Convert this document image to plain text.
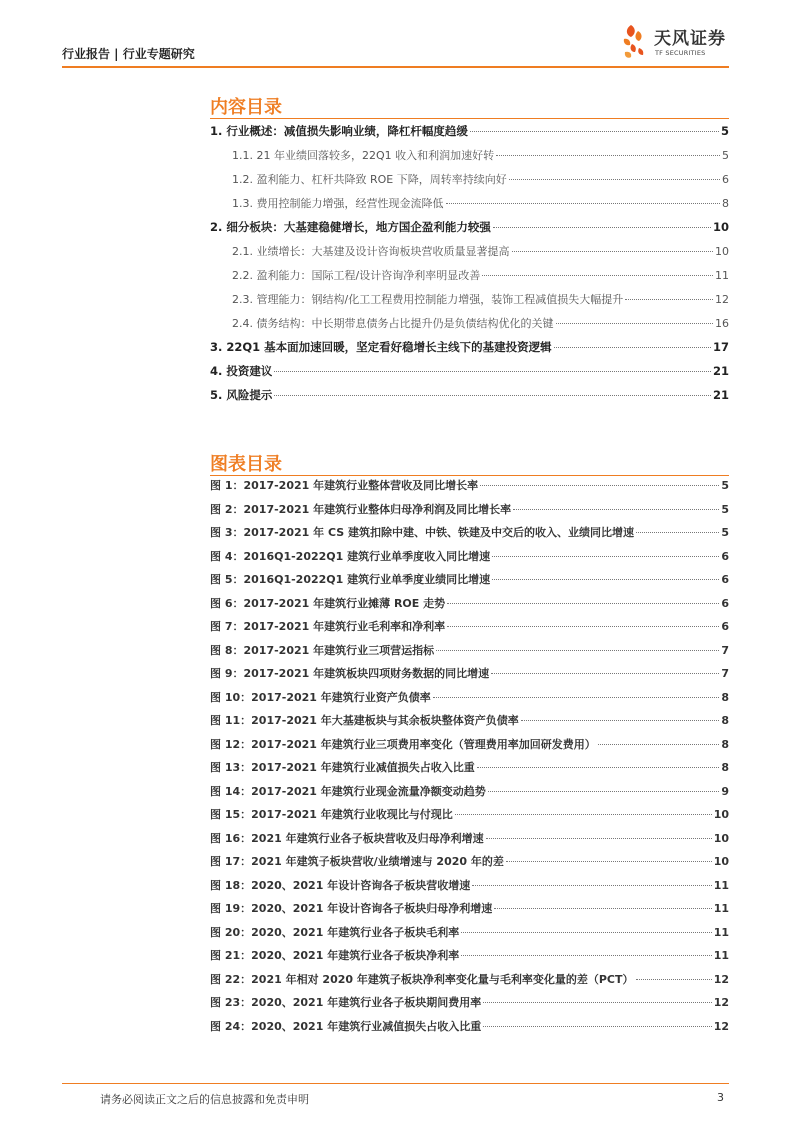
行业报告 | 行业专题研究
天风证券
TF SECURITIES
内容目录
1. 行业概述：减值损失影响业绩，降杠杆幅度趋缓	5
1.1. 21 年业绩回落较多，22Q1 收入和利润加速好转	5
1.2. 盈利能力、杠杆共降致 ROE 下降，周转率持续向好	6
1.3. 费用控制能力增强，经营性现金流降低	8
2. 细分板块：大基建稳健增长，地方国企盈利能力较强	10
2.1. 业绩增长：大基建及设计咨询板块营收质量显著提高	10
2.2. 盈利能力：国际工程/设计咨询净利率明显改善	11
2.3. 管理能力：钢结构/化工工程费用控制能力增强，装饰工程减值损失大幅提升	12
2.4. 债务结构：中长期带息债务占比提升仍是负债结构优化的关键	16
3. 22Q1 基本面加速回暖，坚定看好稳增长主线下的基建投资逻辑	17
4. 投资建议	21
5. 风险提示	21
图表目录
图 1：2017-2021 年建筑行业整体营收及同比增长率	5
图 2：2017-2021 年建筑行业整体归母净利润及同比增长率	5
图 3：2017-2021 年 CS 建筑扣除中建、中铁、铁建及中交后的收入、业绩同比增速	5
图 4：2016Q1-2022Q1 建筑行业单季度收入同比增速	6
图 5：2016Q1-2022Q1 建筑行业单季度业绩同比增速	6
图 6：2017-2021 年建筑行业摊薄 ROE 走势	6
图 7：2017-2021 年建筑行业毛利率和净利率	6
图 8：2017-2021 年建筑行业三项营运指标	7
图 9：2017-2021 年建筑板块四项财务数据的同比增速	7
图 10：2017-2021 年建筑行业资产负债率	8
图 11：2017-2021 年大基建板块与其余板块整体资产负债率	8
图 12：2017-2021 年建筑行业三项费用率变化（管理费用率加回研发费用）	8
图 13：2017-2021 年建筑行业减值损失占收入比重	8
图 14：2017-2021 年建筑行业现金流量净额变动趋势	9
图 15：2017-2021 年建筑行业收现比与付现比	10
图 16：2021 年建筑行业各子板块营收及归母净利增速	10
图 17：2021 年建筑子板块营收/业绩增速与 2020 年的差	10
图 18：2020、2021 年设计咨询各子板块营收增速	11
图 19：2020、2021 年设计咨询各子板块归母净利增速	11
图 20：2020、2021 年建筑行业各子板块毛利率	11
图 21：2020、2021 年建筑行业各子板块净利率	11
图 22：2021 年相对 2020 年建筑子板块净利率变化量与毛利率变化量的差（PCT）	12
图 23：2020、2021 年建筑行业各子板块期间费用率	12
图 24：2020、2021 年建筑行业减值损失占收入比重	12
请务必阅读正文之后的信息披露和免责申明	3
